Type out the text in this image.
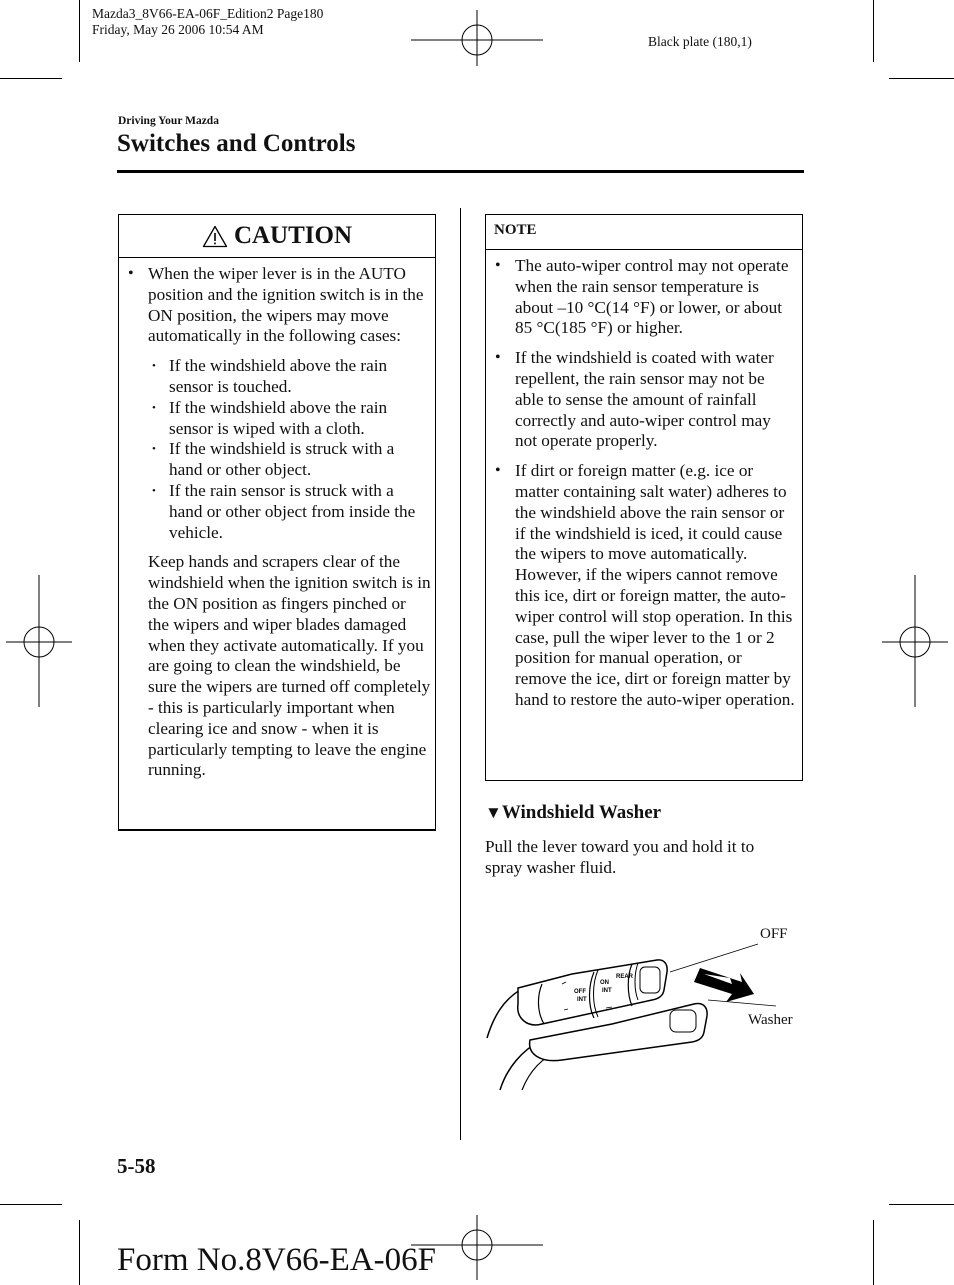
Mazda3_8V66-EA-06F_Edition2 Page180
Friday, May 26 2006 10:54 AM
Black plate (180,1)
Driving Your Mazda
Switches and Controls
CAUTION
• When the wiper lever is in the AUTO position and the ignition switch is in the ON position, the wipers may move automatically in the following cases:
• If the windshield above the rain sensor is touched.
• If the windshield above the rain sensor is wiped with a cloth.
• If the windshield is struck with a hand or other object.
• If the rain sensor is struck with a hand or other object from inside the vehicle.

Keep hands and scrapers clear of the windshield when the ignition switch is in the ON position as fingers pinched or the wipers and wiper blades damaged when they activate automatically. If you are going to clean the windshield, be sure the wipers are turned off completely - this is particularly important when clearing ice and snow - when it is particularly tempting to leave the engine running.

NOTE
• The auto-wiper control may not operate when the rain sensor temperature is about –10 °C(14 °F) or lower, or about 85 °C(185 °F) or higher.
• If the windshield is coated with water repellent, the rain sensor may not be able to sense the amount of rainfall correctly and auto-wiper control may not operate properly.
• If dirt or foreign matter (e.g. ice or matter containing salt water) adheres to the windshield above the rain sensor or if the windshield is iced, it could cause the wipers to move automatically. However, if the wipers cannot remove this ice, dirt or foreign matter, the auto-wiper control will stop operation. In this case, pull the wiper lever to the 1 or 2 position for manual operation, or remove the ice, dirt or foreign matter by hand to restore the auto-wiper operation.
▼Windshield Washer
Pull the lever toward you and hold it to spray washer fluid.
OFF
INT
ON
INT
REAR
OFF
Washer
5-58
Form No.8V66-EA-06F
